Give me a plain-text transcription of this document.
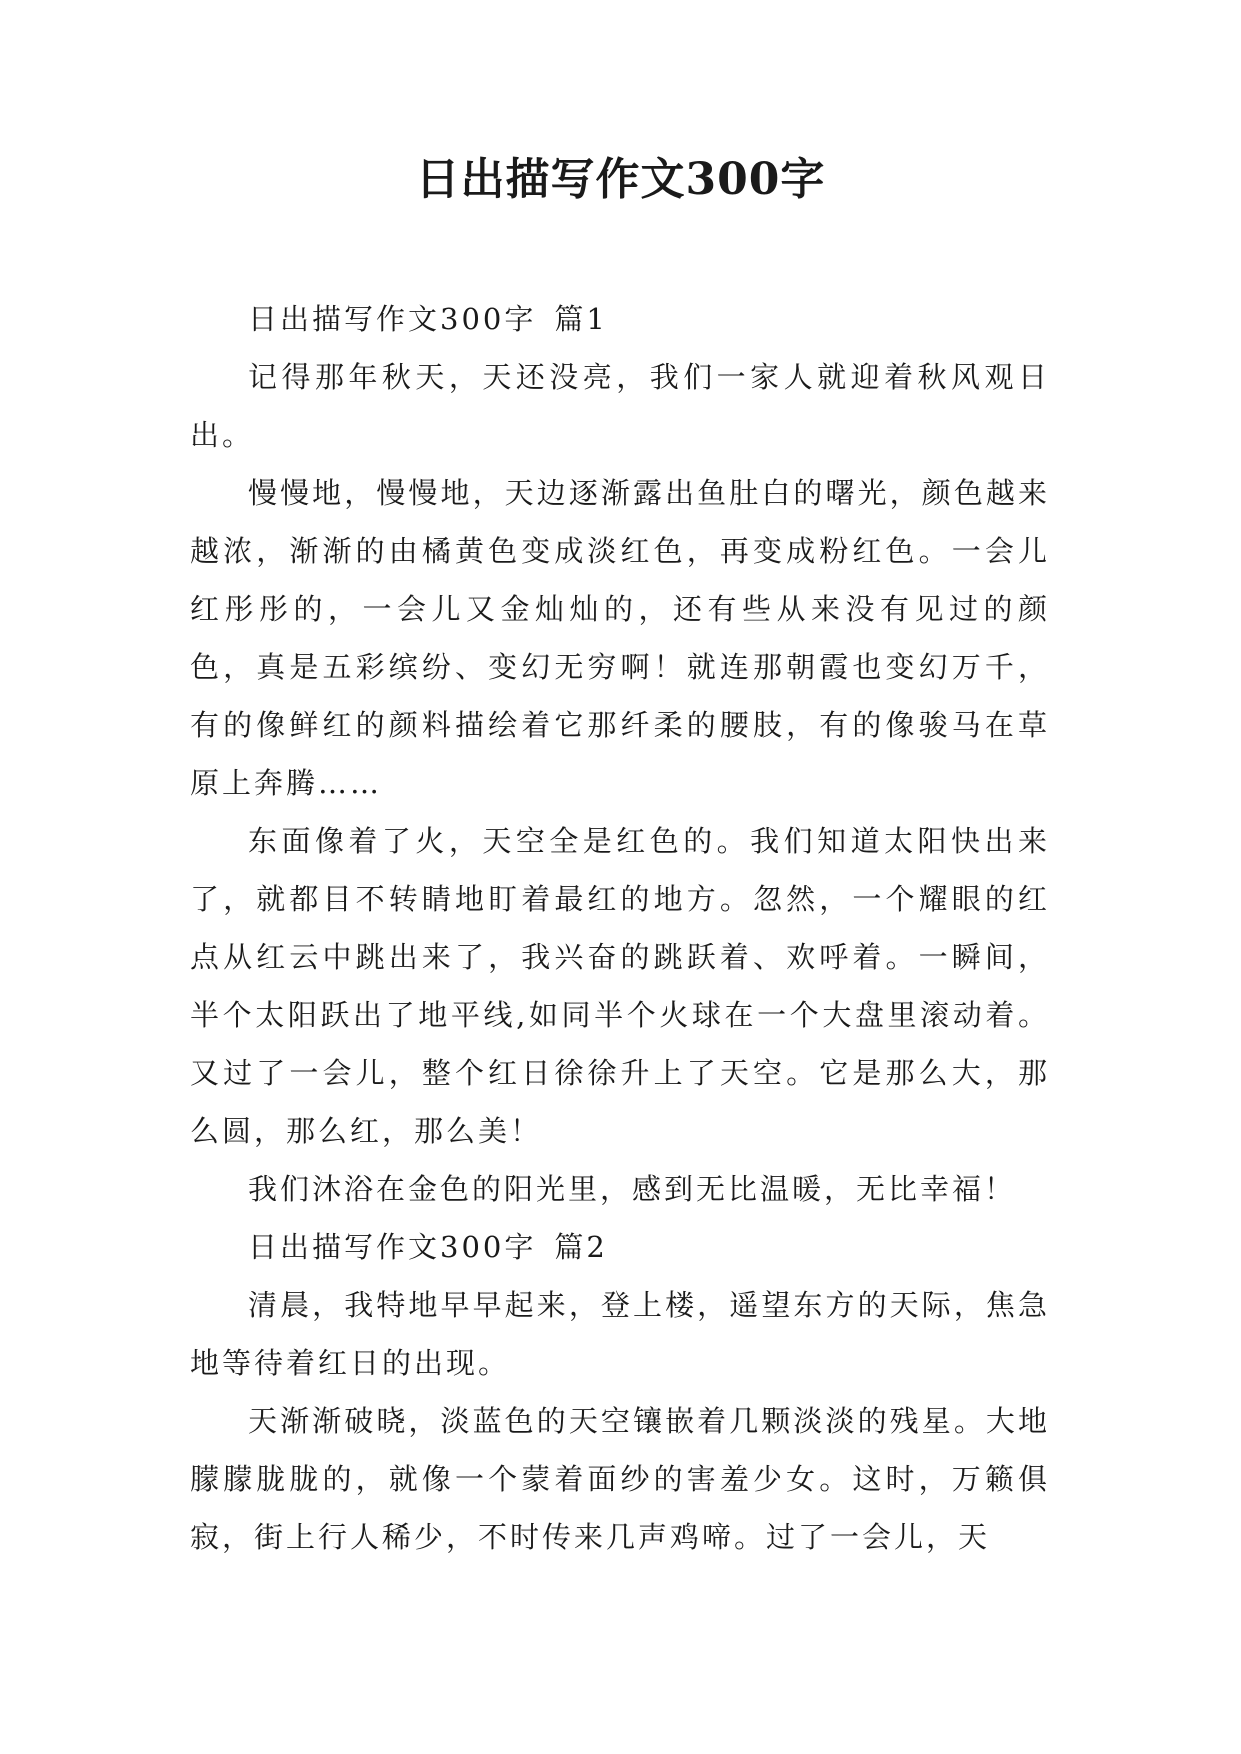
日出描写作文300字

日出描写作文300字 篇1

记得那年秋天，天还没亮，我们一家人就迎着秋风观日出。

慢慢地，慢慢地，天边逐渐露出鱼肚白的曙光，颜色越来越浓，渐渐的由橘黄色变成淡红色，再变成粉红色。一会儿红彤彤的，一会儿又金灿灿的，还有些从来没有见过的颜色，真是五彩缤纷、变幻无穷啊！就连那朝霞也变幻万千，有的像鲜红的颜料描绘着它那纤柔的腰肢，有的像骏马在草原上奔腾……

东面像着了火，天空全是红色的。我们知道太阳快出来了，就都目不转睛地盯着最红的地方。忽然，一个耀眼的红点从红云中跳出来了，我兴奋的跳跃着、欢呼着。一瞬间，半个太阳跃出了地平线,如同半个火球在一个大盘里滚动着。又过了一会儿，整个红日徐徐升上了天空。它是那么大，那么圆，那么红，那么美！

我们沐浴在金色的阳光里，感到无比温暖，无比幸福！

日出描写作文300字 篇2

清晨，我特地早早起来，登上楼，遥望东方的天际，焦急地等待着红日的出现。

天渐渐破晓，淡蓝色的天空镶嵌着几颗淡淡的残星。大地朦朦胧胧的，就像一个蒙着面纱的害羞少女。这时，万籁俱寂，街上行人稀少，不时传来几声鸡啼。过了一会儿，天
